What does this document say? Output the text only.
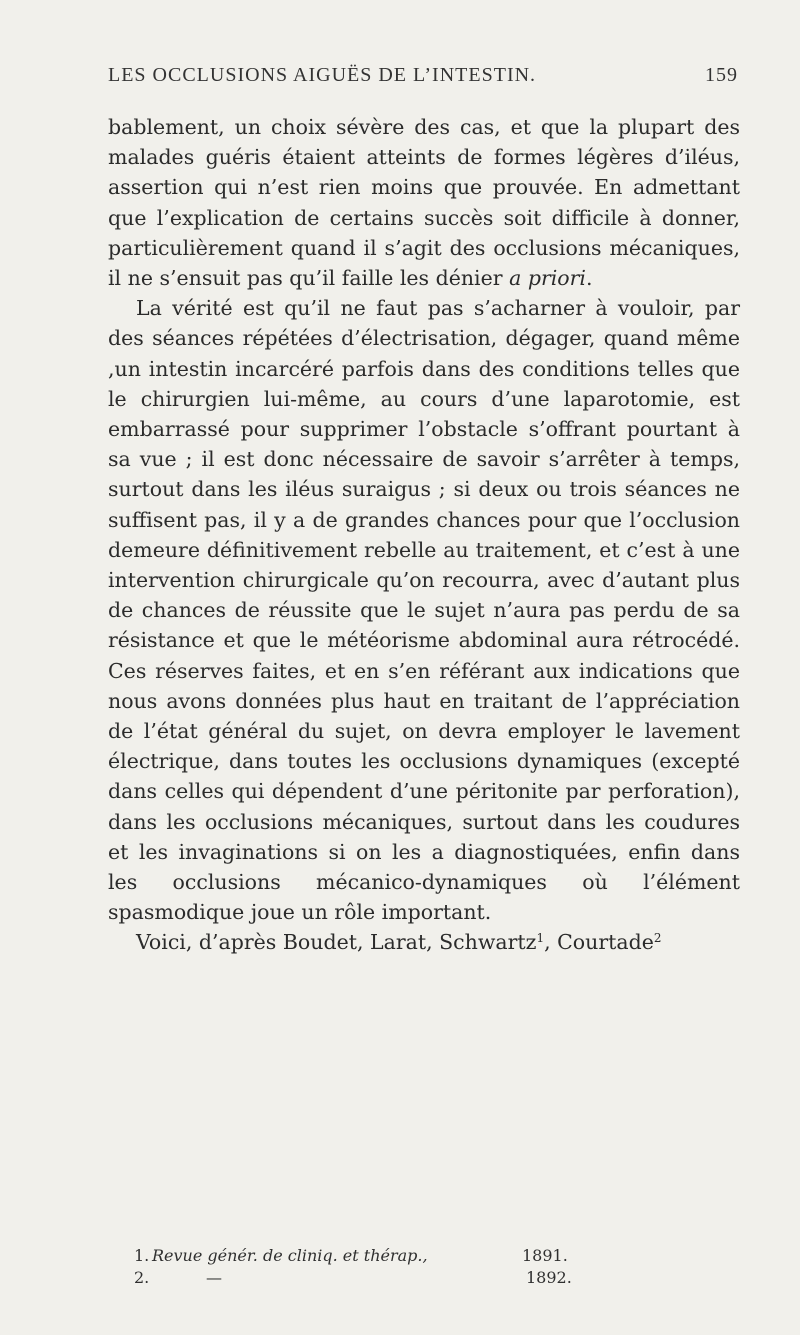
LES OCCLUSIONS AIGUËS DE L’INTESTIN.	159

bablement, un choix sévère des cas, et que la plupart des malades guéris étaient atteints de formes légères d’iléus, assertion qui n’est rien moins que prouvée. En admettant que l’explication de certains succès soit difficile à donner, particulièrement quand il s’agit des occlusions mécaniques, il ne s’ensuit pas qu’il faille les dénier a priori.

La vérité est qu’il ne faut pas s’acharner à vouloir, par des séances répétées d’électrisation, dégager, quand même ,un intestin incarcéré parfois dans des conditions telles que le chirurgien lui-même, au cours d’une laparotomie, est embarrassé pour supprimer l’obstacle s’offrant pourtant à sa vue ; il est donc nécessaire de savoir s’arrêter à temps, surtout dans les iléus suraigus ; si deux ou trois séances ne suffisent pas, il y a de grandes chances pour que l’occlusion demeure définitivement rebelle au traitement, et c’est à une intervention chirurgicale qu’on recourra, avec d’autant plus de chances de réussite que le sujet n’aura pas perdu de sa résistance et que le météorisme abdominal aura rétrocédé. Ces réserves faites, et en s’en référant aux indications que nous avons données plus haut en traitant de l’appréciation de l’état général du sujet, on devra employer le lavement électrique, dans toutes les occlusions dynamiques (excepté dans celles qui dépendent d’une péritonite par perforation), dans les occlusions mécaniques, surtout dans les coudures et les invaginations si on les a diagnostiquées, enfin dans les occlusions mécanico-dynamiques où l’élément spasmodique joue un rôle important.

Voici, d’après Boudet, Larat, Schwartz$^1$, Courtade$^2$

1. Revue génér. de cliniq. et thérap.,	1891.
2.	—	1892.
